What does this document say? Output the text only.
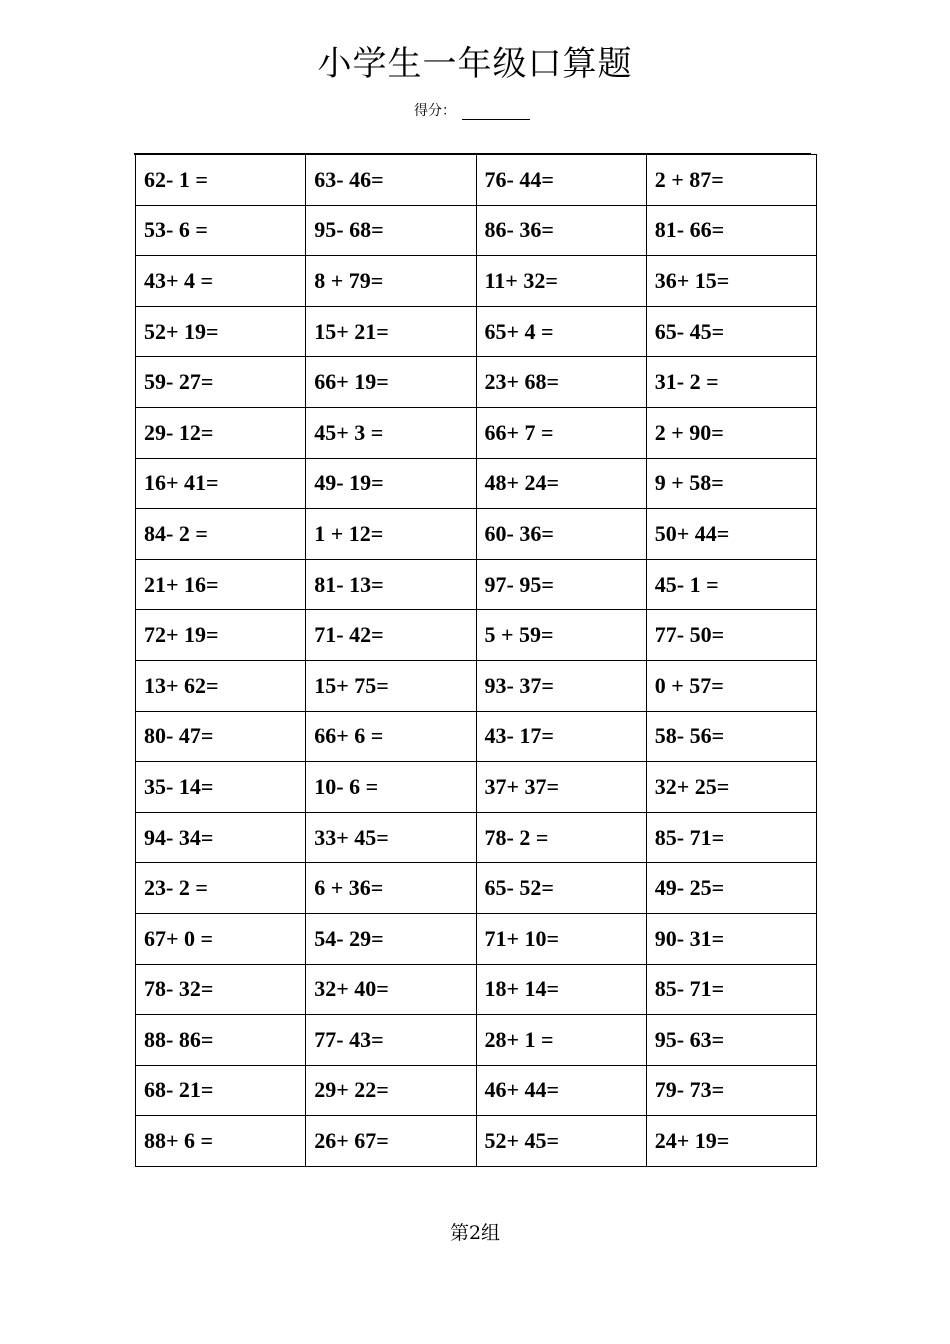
小学生一年级口算题
得分：
62- 1 =	63- 46=	76- 44=	2 + 87=
53- 6 =	95- 68=	86- 36=	81- 66=
43+ 4 =	8 + 79=	11+ 32=	36+ 15=
52+ 19=	15+ 21=	65+ 4 =	65- 45=
59- 27=	66+ 19=	23+ 68=	31- 2 =
29- 12=	45+ 3 =	66+ 7 =	2 + 90=
16+ 41=	49- 19=	48+ 24=	9 + 58=
84- 2 =	1 + 12=	60- 36=	50+ 44=
21+ 16=	81- 13=	97- 95=	45- 1 =
72+ 19=	71- 42=	5 + 59=	77- 50=
13+ 62=	15+ 75=	93- 37=	0 + 57=
80- 47=	66+ 6 =	43- 17=	58- 56=
35- 14=	10- 6 =	37+ 37=	32+ 25=
94- 34=	33+ 45=	78- 2 =	85- 71=
23- 2 =	6 + 36=	65- 52=	49- 25=
67+ 0 =	54- 29=	71+ 10=	90- 31=
78- 32=	32+ 40=	18+ 14=	85- 71=
88- 86=	77- 43=	28+ 1 =	95- 63=
68- 21=	29+ 22=	46+ 44=	79- 73=
88+ 6 =	26+ 67=	52+ 45=	24+ 19=
第2组
